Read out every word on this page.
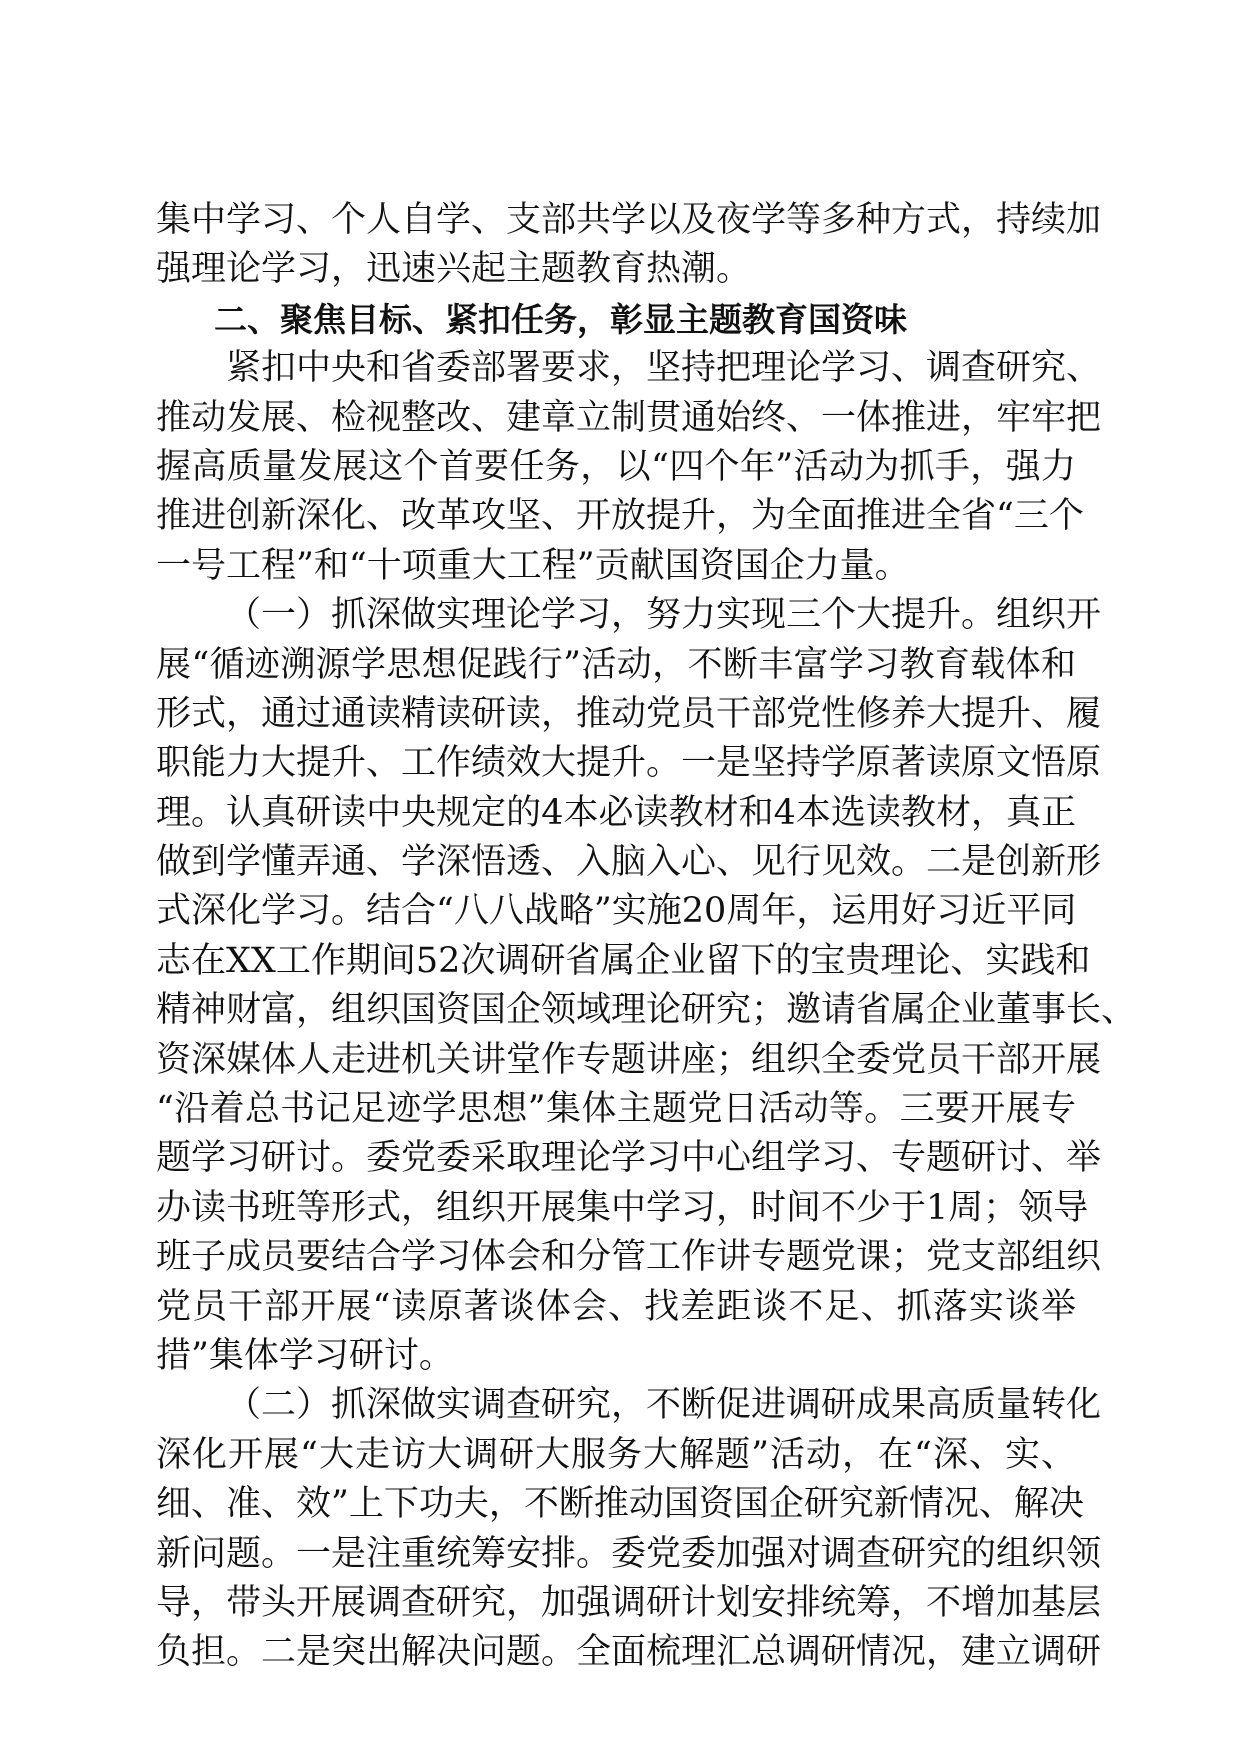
集中学习、个人自学、支部共学以及夜学等多种方式，持续加
强理论学习，迅速兴起主题教育热潮。
二、聚焦目标、紧扣任务，彰显主题教育国资味
紧扣中央和省委部署要求，坚持把理论学习、调查研究、
推动发展、检视整改、建章立制贯通始终、一体推进，牢牢把
握高质量发展这个首要任务，以“四个年”活动为抓手，强力
推进创新深化、改革攻坚、开放提升，为全面推进全省“三个
一号工程”和“十项重大工程”贡献国资国企力量。
（一）抓深做实理论学习，努力实现三个大提升。组织开
展“循迹溯源学思想促践行”活动，不断丰富学习教育载体和
形式，通过通读精读研读，推动党员干部党性修养大提升、履
职能力大提升、工作绩效大提升。一是坚持学原著读原文悟原
理。认真研读中央规定的4本必读教材和4本选读教材，真正
做到学懂弄通、学深悟透、入脑入心、见行见效。二是创新形
式深化学习。结合“八八战略”实施20周年，运用好习近平同
志在XX工作期间52次调研省属企业留下的宝贵理论、实践和
精神财富，组织国资国企领域理论研究；邀请省属企业董事长、
资深媒体人走进机关讲堂作专题讲座；组织全委党员干部开展
“沿着总书记足迹学思想”集体主题党日活动等。三要开展专
题学习研讨。委党委采取理论学习中心组学习、专题研讨、举
办读书班等形式，组织开展集中学习，时间不少于1周；领导
班子成员要结合学习体会和分管工作讲专题党课；党支部组织
党员干部开展“读原著谈体会、找差距谈不足、抓落实谈举
措”集体学习研讨。
（二）抓深做实调查研究，不断促进调研成果高质量转化
深化开展“大走访大调研大服务大解题”活动，在“深、实、
细、准、效”上下功夫，不断推动国资国企研究新情况、解决
新问题。一是注重统筹安排。委党委加强对调查研究的组织领
导，带头开展调查研究，加强调研计划安排统筹，不增加基层
负担。二是突出解决问题。全面梳理汇总调研情况，建立调研
